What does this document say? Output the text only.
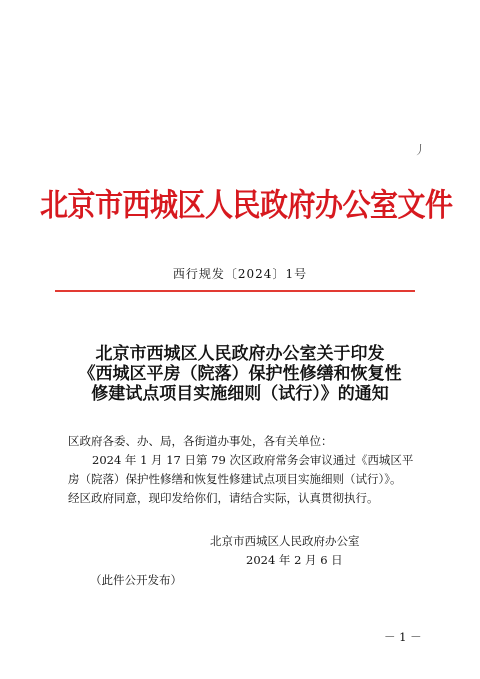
丿
北京市西城区人民政府办公室文件
西行规发〔2024〕1号
北京市西城区人民政府办公室关于印发
《西城区平房（院落）保护性修缮和恢复性
修建试点项目实施细则（试行）》的通知
区政府各委、办、局，各街道办事处，各有关单位：
2024 年 1 月 17 日第 79 次区政府常务会审议通过《西城区平
房（院落）保护性修缮和恢复性修建试点项目实施细则（试行）》。
经区政府同意，现印发给你们，请结合实际，认真贯彻执行。
北京市西城区人民政府办公室
2024 年 2 月 6 日
（此件公开发布）
－ 1 －
